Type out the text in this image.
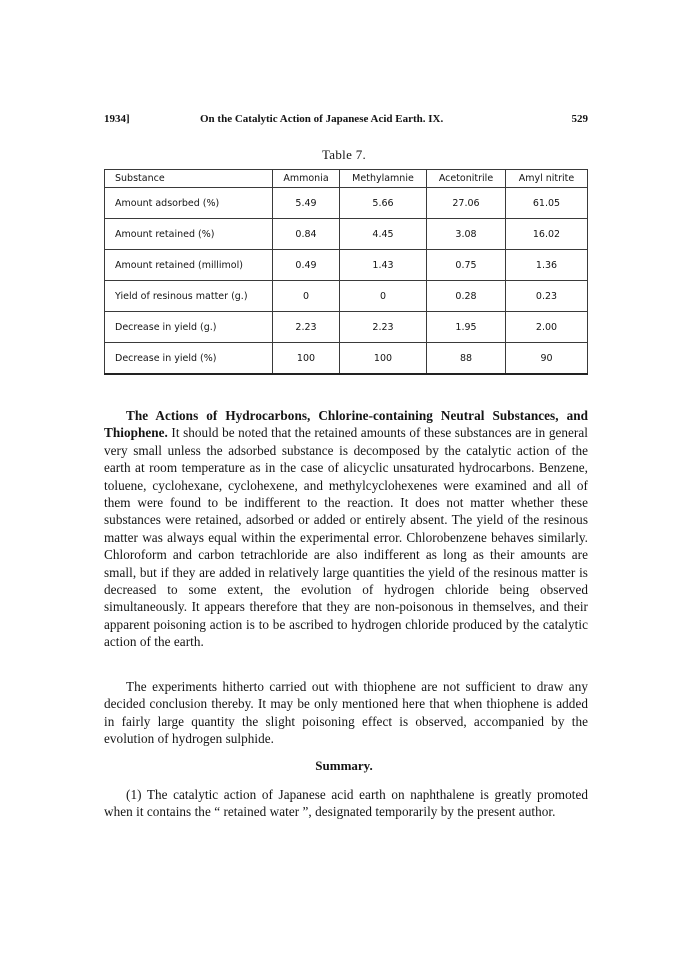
1934]	On the Catalytic Action of Japanese Acid Earth. IX.	529
Table 7.
Substance	Ammonia	Methylamnie	Acetonitrile	Amyl nitrite
Amount adsorbed (%)	5.49	5.66	27.06	61.05
Amount retained (%)	0.84	4.45	3.08	16.02
Amount retained (millimol)	0.49	1.43	0.75	1.36
Yield of resinous matter (g.)	0	0	0.28	0.23
Decrease in yield (g.)	2.23	2.23	1.95	2.00
Decrease in yield (%)	100	100	88	90

The Actions of Hydrocarbons, Chlorine-containing Neutral Substances, and Thiophene. It should be noted that the retained amounts of these substances are in general very small unless the adsorbed substance is decomposed by the catalytic action of the earth at room temperature as in the case of alicyclic unsaturated hydrocarbons. Benzene, toluene, cyclohexane, cyclohexene, and methylcyclohexenes were examined and all of them were found to be indifferent to the reaction. It does not matter whether these substances were retained, adsorbed or added or entirely absent. The yield of the resinous matter was always equal within the experimental error. Chlorobenzene behaves similarly. Chloroform and carbon tetrachloride are also indifferent as long as their amounts are small, but if they are added in relatively large quantities the yield of the resinous matter is decreased to some extent, the evolution of hydrogen chloride being observed simultaneously. It appears therefore that they are non-poisonous in themselves, and their apparent poisoning action is to be ascribed to hydrogen chloride produced by the catalytic action of the earth.

The experiments hitherto carried out with thiophene are not sufficient to draw any decided conclusion thereby. It may be only mentioned here that when thiophene is added in fairly large quantity the slight poisoning effect is observed, accompanied by the evolution of hydrogen sulphide.

Summary.

(1) The catalytic action of Japanese acid earth on naphthalene is greatly promoted when it contains the “ retained water ”, designated temporarily by the present author.
